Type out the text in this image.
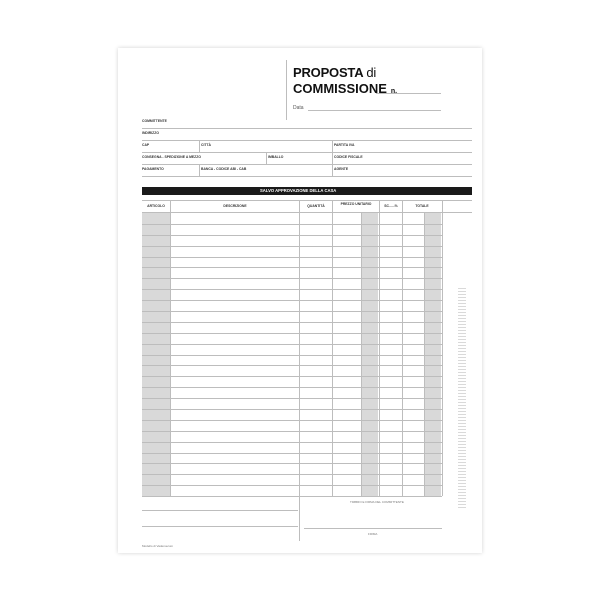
PROPOSTA di
COMMISSIONE n.
Data
COMMITTENTE
INDIRIZZO
CAP	CITTÀ	PARTITA IVA
CONSEGNA - SPEDIZIONE A MEZZO	IMBALLO	CODICE FISCALE
PAGAMENTO	BANCA - CODICE ABI - CAB	AGENTE
SALVO APPROVAZIONE DELLA CASA
ARTICOLO	DESCRIZIONE	QUANTITÀ	PREZZO UNITARIO	SC......%	TOTALE
TIMBRO E FIRMA DEL COMMITTENTE
FIRMA
Modello di Vademecum
